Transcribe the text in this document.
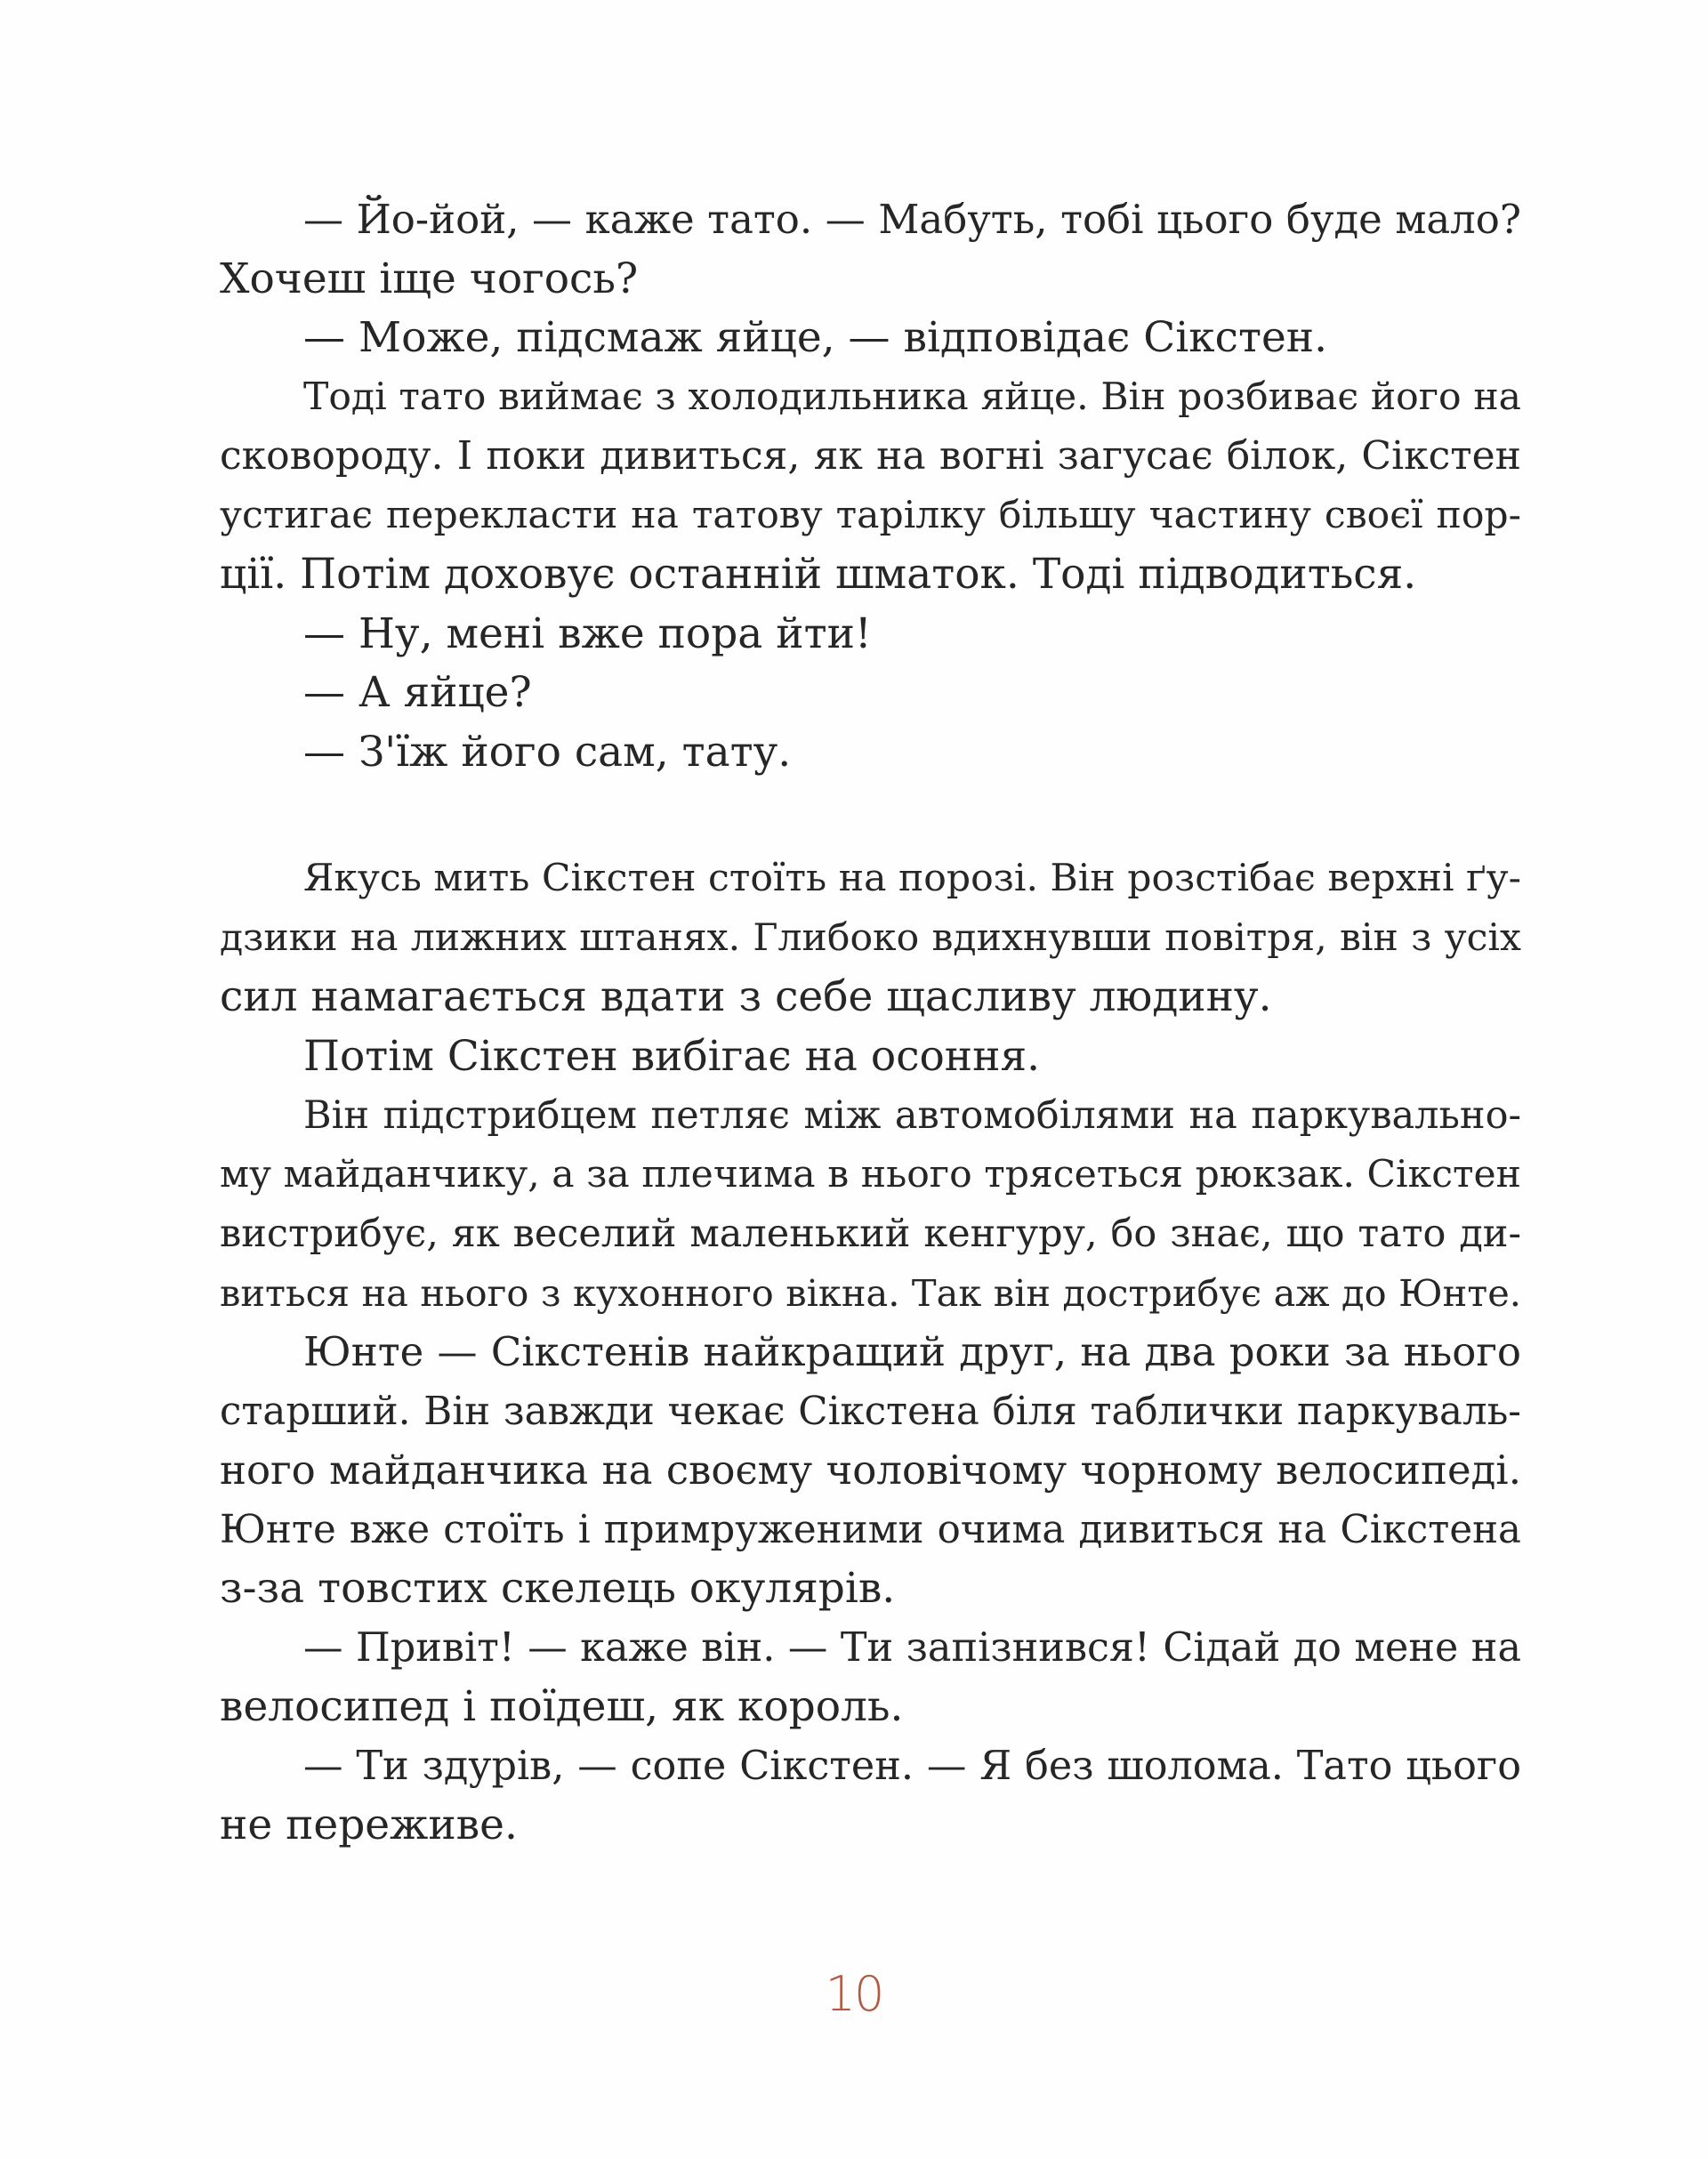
— Йо-йой, — каже тато. — Мабуть, тобі цього буде мало?
Хочеш іще чогось?
— Може, підсмаж яйце, — відповідає Сікстен.
Тоді тато виймає з холодильника яйце. Він розбиває його на
сковороду. І поки дивиться, як на вогні загусає білок, Сікстен
устигає перекласти на татову тарілку більшу частину своєї пор-
ції. Потім доховує останній шматок. Тоді підводиться.
— Ну, мені вже пора йти!
— А яйце?
— З'їж його сам, тату.
Якусь мить Сікстен стоїть на порозі. Він розстібає верхні ґу-
дзики на лижних штанях. Глибоко вдихнувши повітря, він з усіх
сил намагається вдати з себе щасливу людину.
Потім Сікстен вибігає на осоння.
Він підстрибцем петляє між автомобілями на паркувально-
му майданчику, а за плечима в нього трясеться рюкзак. Сікстен
вистрибує, як веселий маленький кенгуру, бо знає, що тато ди-
виться на нього з кухонного вікна. Так він дострибує аж до Юнте.
Юнте — Сікстенів найкращий друг, на два роки за нього
старший. Він завжди чекає Сікстена біля таблички паркуваль-
ного майданчика на своєму чоловічому чорному велосипеді.
Юнте вже стоїть і примруженими очима дивиться на Сікстена
з-за товстих скелець окулярів.
— Привіт! — каже він. — Ти запізнився! Сідай до мене на
велосипед і поїдеш, як король.
— Ти здурів, — сопе Сікстен. — Я без шолома. Тато цього
не переживе.
10
